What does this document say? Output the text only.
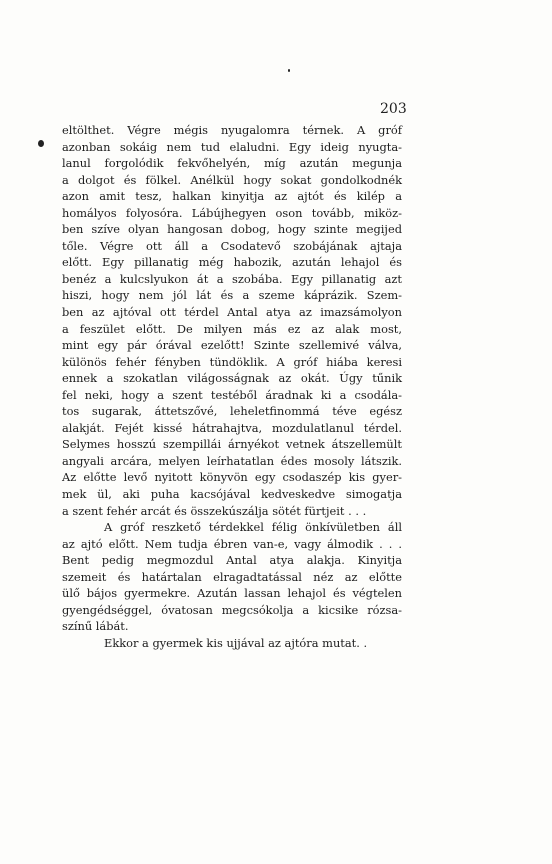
203
eltölthet. Végre mégis nyugalomra térnek. A gróf
azonban sokáig nem tud elaludni. Egy ideig nyugta-
lanul forgolódik fekvőhelyén, míg azután megunja
a dolgot és fölkel. Anélkül hogy sokat gondolkodnék
azon amit tesz, halkan kinyitja az ajtót és kilép a
homályos folyosóra. Lábújhegyen oson tovább, miköz-
ben szíve olyan hangosan dobog, hogy szinte megijed
tőle. Végre ott áll a Csodatevő szobájának ajtaja
előtt. Egy pillanatig még habozik, azután lehajol és
benéz a kulcslyukon át a szobába. Egy pillanatig azt
hiszi, hogy nem jól lát és a szeme káprázik. Szem-
ben az ajtóval ott térdel Antal atya az imazsámolyon
a feszület előtt. De milyen más ez az alak most,
mint egy pár órával ezelőtt! Szinte szellemivé válva,
különös fehér fényben tündöklik. A gróf hiába keresi
ennek a szokatlan világosságnak az okát. Úgy tűnik
fel neki, hogy a szent testéből áradnak ki a csodála-
tos sugarak, áttetszővé, leheletfinommá téve egész
alakját. Fejét kissé hátrahajtva, mozdulatlanul térdel.
Selymes hosszú szempillái árnyékot vetnek átszellemült
angyali arcára, melyen leírhatatlan édes mosoly látszik.
Az előtte levő nyitott könyvön egy csodaszép kis gyer-
mek ül, aki puha kacsójával kedveskedve simogatja
a szent fehér arcát és összekúszálja sötét fürtjeit . . .
A gróf reszkető térdekkel félig önkívületben áll
az ajtó előtt. Nem tudja ébren van-e, vagy álmodik . . .
Bent pedig megmozdul Antal atya alakja. Kinyitja
szemeit és határtalan elragadtatással néz az előtte
ülő bájos gyermekre. Azután lassan lehajol és végtelen
gyengédséggel, óvatosan megcsókolja a kicsike rózsa-
színű lábát.
Ekkor a gyermek kis ujjával az ajtóra mutat. .
